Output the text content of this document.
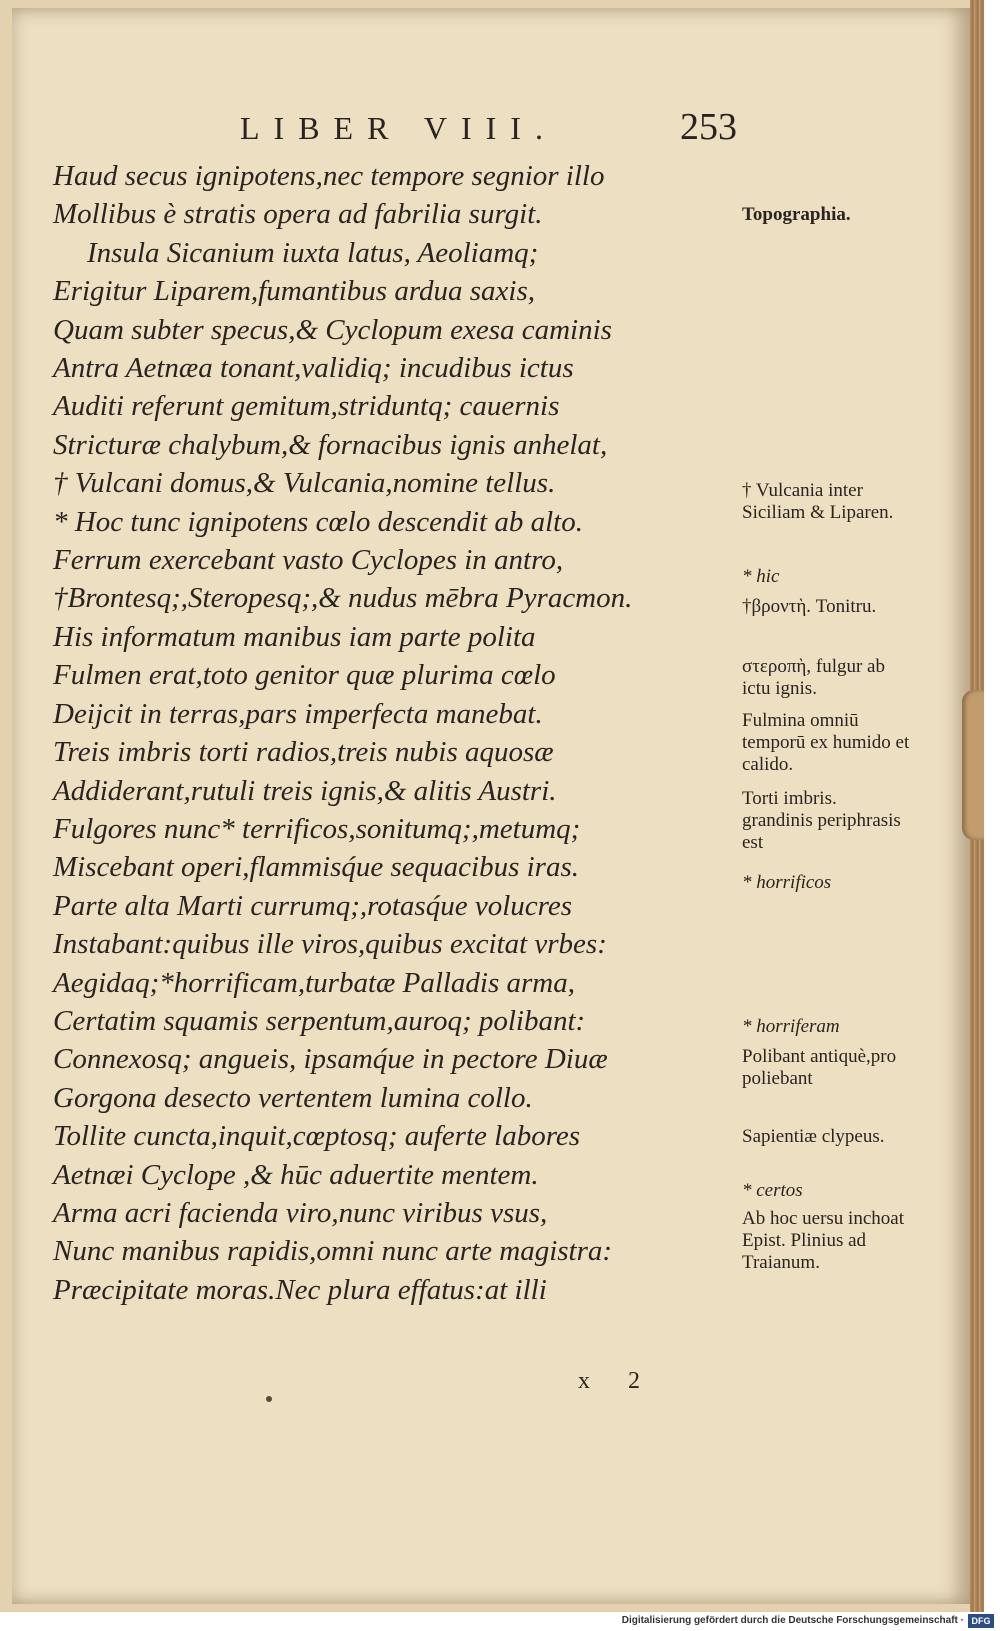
LIBER VIII.	253
Haud secus ignipotens,nec tempore segnior illo
Mollibus è stratis opera ad fabrilia surgit.
Insula Sicanium iuxta latus, Aeoliamq;
Erigitur Liparem,fumantibus ardua saxis,
Quam subter specus,& Cyclopum exesa caminis
Antra Aetnæa tonant,validiq; incudibus ictus
Auditi referunt gemitum,striduntq; cauernis
Stricturæ chalybum,& fornacibus ignis anhelat,
† Vulcani domus,& Vulcania,nomine tellus.
* Hoc tunc ignipotens cœlo descendit ab alto.
Ferrum exercebant vasto Cyclopes in antro,
†Brontesq;,Steropesq;,& nudus mēbra Pyracmon.
His informatum manibus iam parte polita
Fulmen erat,toto genitor quæ plurima cœlo
Deijcit in terras,pars imperfecta manebat.
Treis imbris torti radios,treis nubis aquosæ
Addiderant,rutuli treis ignis,& alitis Austri.
Fulgores nunc* terrificos,sonitumq;,metumq;
Miscebant operi,flammisq́ue sequacibus iras.
Parte alta Marti currumq;,rotasq́ue volucres
Instabant:quibus ille viros,quibus excitat vrbes:
Aegidaq;*horrificam,turbatæ Palladis arma,
Certatim squamis serpentum,auroq; polibant:
Connexosq; angueis, ipsamq́ue in pectore Diuæ
Gorgona desecto vertentem lumina collo.
Tollite cuncta,inquit,cœptosq; auferte labores
Aetnæi Cyclope ,& hūc aduertite mentem.
Arma acri facienda viro,nunc viribus vsus,
Nunc manibus rapidis,omni nunc arte magistra:
Præcipitate moras.Nec plura effatus:at illi
Topographia.
† Vulcania inter Siciliam & Liparen.
* hic
†βροντὴ. Tonitru.
στεροπὴ, fulgur ab ictu ignis.
Fulmina omniū temporū ex humido et calido.
Torti imbris. grandinis periphrasis est
* horrificos
* horriferam
Polibant antiquè,pro poliebant
Sapientiæ clypeus.
* certos
Ab hoc uersu inchoat Epist. Plinius ad Traianum.
x 2
Digitalisierung gefördert durch die Deutsche Forschungsgemeinschaft · DFG
